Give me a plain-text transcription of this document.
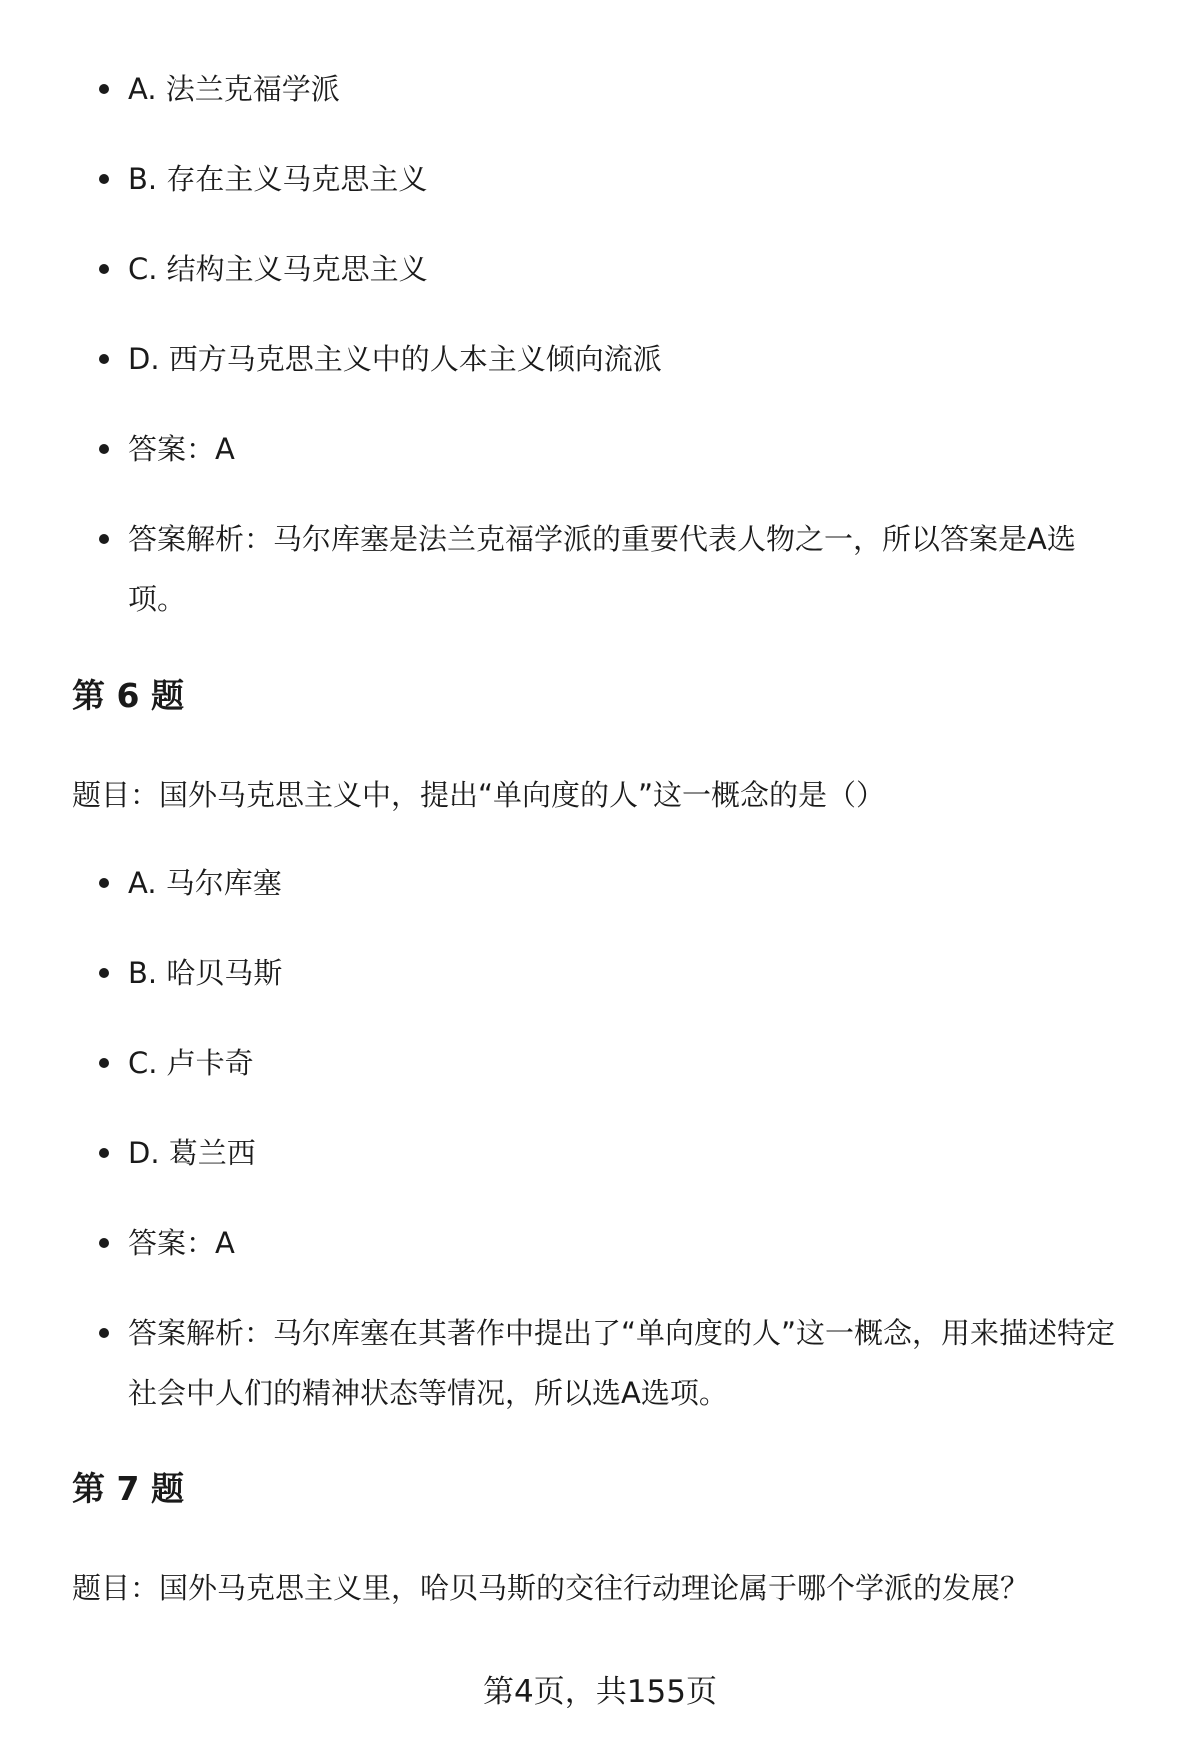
A. 法兰克福学派
B. 存在主义马克思主义
C. 结构主义马克思主义
D. 西方马克思主义中的人本主义倾向流派
答案：A
答案解析：马尔库塞是法兰克福学派的重要代表人物之一，所以答案是A选项。
第 6 题

题目：国外马克思主义中，提出“单向度的人”这一概念的是（）

A. 马尔库塞
B. 哈贝马斯
C. 卢卡奇
D. 葛兰西
答案：A
答案解析：马尔库塞在其著作中提出了“单向度的人”这一概念，用来描述特定社会中人们的精神状态等情况，所以选A选项。
第 7 题

题目：国外马克思主义里，哈贝马斯的交往行动理论属于哪个学派的发展？

第4页，共155页
